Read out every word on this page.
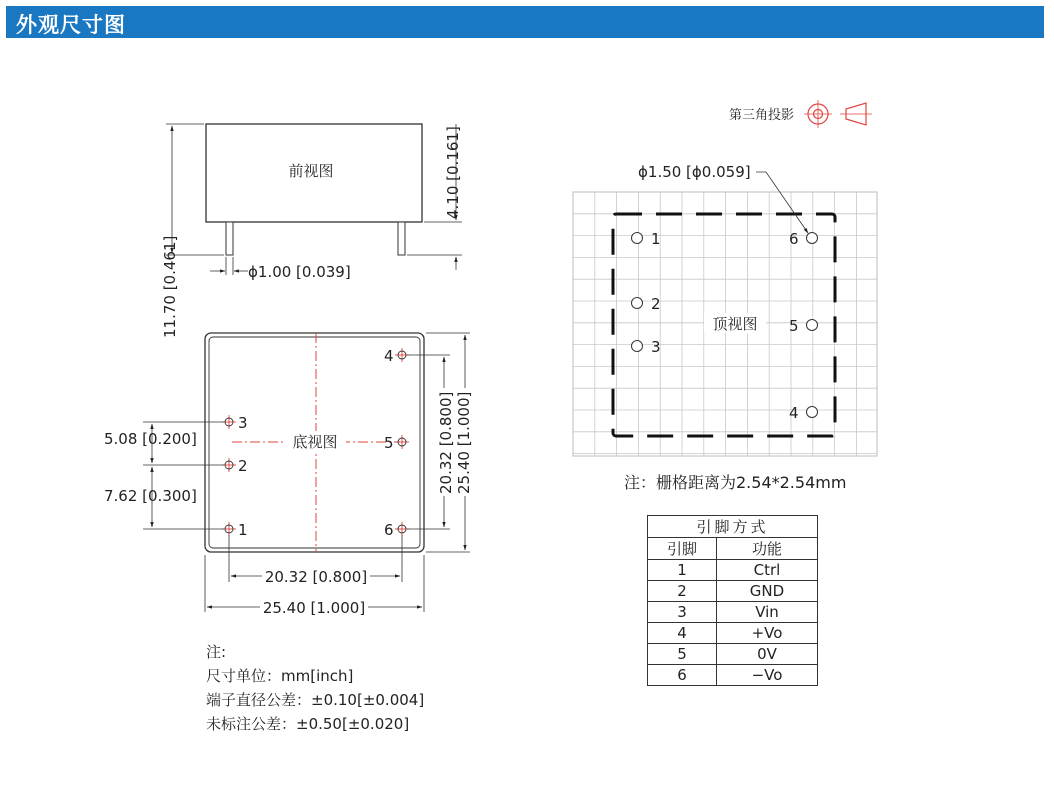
外观尺寸图
前视图
11.70 [0.461]
4.10 [0.161]
ϕ1.00 [0.039]
底视图
1
2
3
4
5
6
5.08 [0.200]
7.62 [0.300]
20.32 [0.800] 25.40 [1.000]
20.32 [0.800]
25.40 [1.000]
第三角投影
顶视图
1
2
3
4
5
6
ϕ1.50 [ϕ0.059]
注：栅格距离为2.54*2.54mm
引脚方式	
引脚	功能
1	Ctrl
2	GND
3	Vin
4	+Vo
5	0V
6	−Vo
注:
尺寸单位：mm[inch]
端子直径公差：±0.10[±0.004]
未标注公差：±0.50[±0.020]
